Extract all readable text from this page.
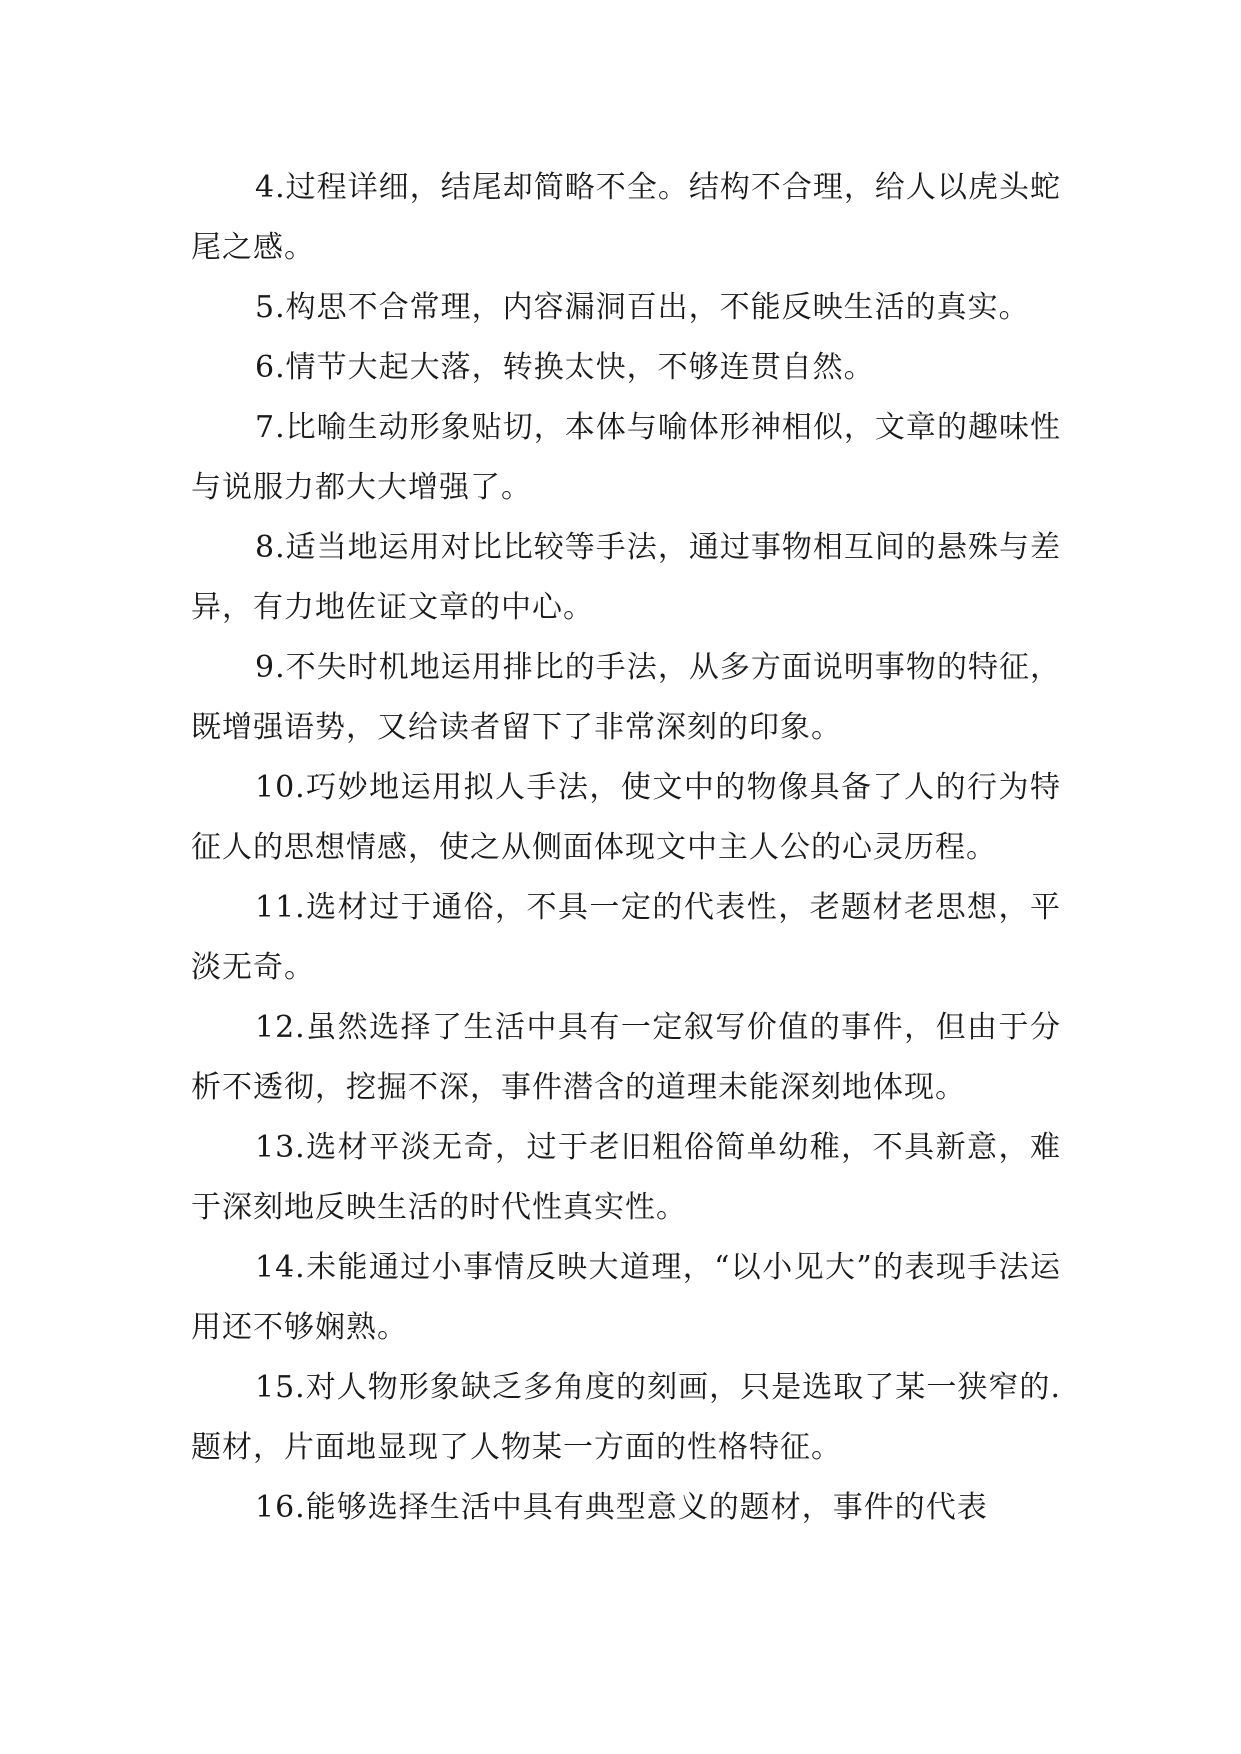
4.过程详细，结尾却简略不全。结构不合理，给人以虎头蛇尾之感。

5.构思不合常理，内容漏洞百出，不能反映生活的真实。

6.情节大起大落，转换太快，不够连贯自然。

7.比喻生动形象贴切，本体与喻体形神相似，文章的趣味性与说服力都大大增强了。

8.适当地运用对比比较等手法，通过事物相互间的悬殊与差异，有力地佐证文章的中心。

9.不失时机地运用排比的手法，从多方面说明事物的特征，既增强语势，又给读者留下了非常深刻的印象。

10.巧妙地运用拟人手法，使文中的物像具备了人的行为特征人的思想情感，使之从侧面体现文中主人公的心灵历程。

11.选材过于通俗，不具一定的代表性，老题材老思想，平淡无奇。

12.虽然选择了生活中具有一定叙写价值的事件，但由于分析不透彻，挖掘不深，事件潜含的道理未能深刻地体现。

13.选材平淡无奇，过于老旧粗俗简单幼稚，不具新意，难于深刻地反映生活的时代性真实性。

14.未能通过小事情反映大道理，“以小见大”的表现手法运用还不够娴熟。

15.对人物形象缺乏多角度的刻画，只是选取了某一狭窄的.题材，片面地显现了人物某一方面的性格特征。

16.能够选择生活中具有典型意义的题材，事件的代表
